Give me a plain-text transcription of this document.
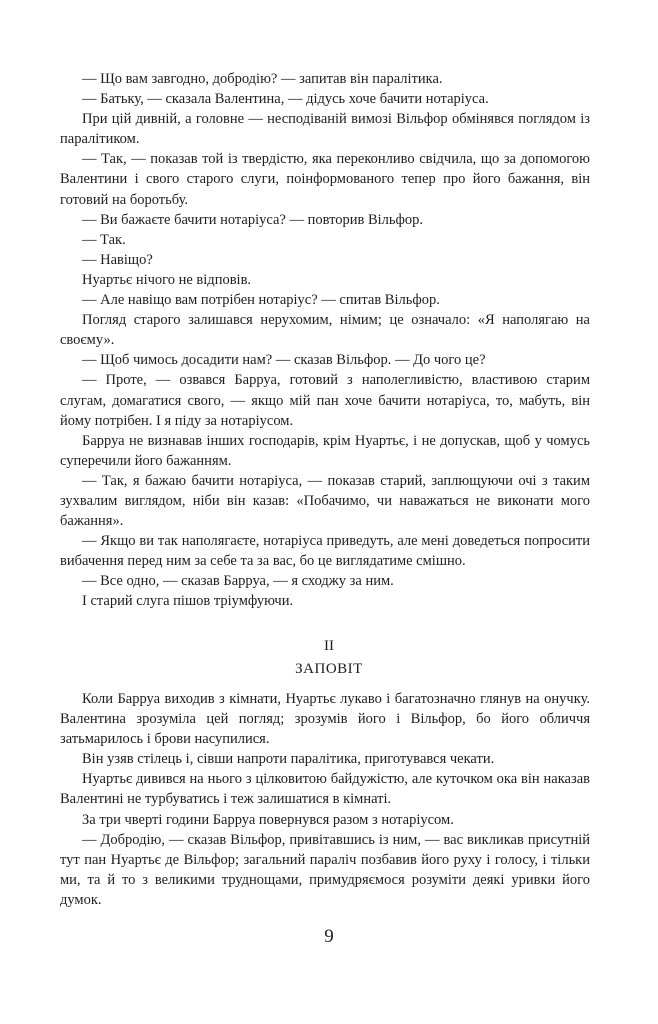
— Що вам завгодно, добродію? — запитав він паралітика.

— Батьку, — сказала Валентина, — дідусь хоче бачити нотаріуса.

При цій дивній, а головне — несподіваній вимозі Вільфор обмінявся поглядом із паралітиком.

— Так, — показав той із твердістю, яка переконливо свідчила, що за допомогою Валентини і свого старого слуги, поінформованого тепер про його бажання, він готовий на боротьбу.

— Ви бажаєте бачити нотаріуса? — повторив Вільфор.

— Так.

— Навіщо?

Нуартьє нічого не відповів.

— Але навіщо вам потрібен нотаріус? — спитав Вільфор.

Погляд старого залишався нерухомим, німим; це означало: «Я наполягаю на своєму».

— Щоб чимось досадити нам? — сказав Вільфор. — До чого це?

— Проте, — озвався Барруа, готовий з наполегливістю, властивою старим слугам, домагатися свого, — якщо мій пан хоче бачити нотаріуса, то, мабуть, він йому потрібен. І я піду за нотаріусом.

Барруа не визнавав інших господарів, крім Нуартьє, і не допускав, щоб у чомусь суперечили його бажанням.

— Так, я бажаю бачити нотаріуса, — показав старий, заплющуючи очі з таким зухвалим виглядом, ніби він казав: «Побачимо, чи наважаться не виконати мого бажання».

— Якщо ви так наполягаєте, нотаріуса приведуть, але мені доведеться попросити вибачення перед ним за себе та за вас, бо це виглядатиме смішно.

— Все одно, — сказав Барруа, — я сходжу за ним.

І старий слуга пішов тріумфуючи.

II
ЗАПОВІТ

Коли Барруа виходив з кімнати, Нуартьє лукаво і багатозначно глянув на онучку. Валентина зрозуміла цей погляд; зрозумів його і Вільфор, бо його обличчя затьмарилось і брови насупилися.

Він узяв стілець і, сівши напроти паралітика, приготувався чекати.

Нуартьє дивився на нього з цілковитою байдужістю, але куточком ока він наказав Валентині не турбуватись і теж залишатися в кімнаті.

За три чверті години Барруа повернувся разом з нотаріусом.

— Добродію, — сказав Вільфор, привітавшись із ним, — вас викликав присутній тут пан Нуартьє де Вільфор; загальний параліч позбавив його руху і голосу, і тільки ми, та й то з великими труднощами, примудряємося розуміти деякі уривки його думок.

9
